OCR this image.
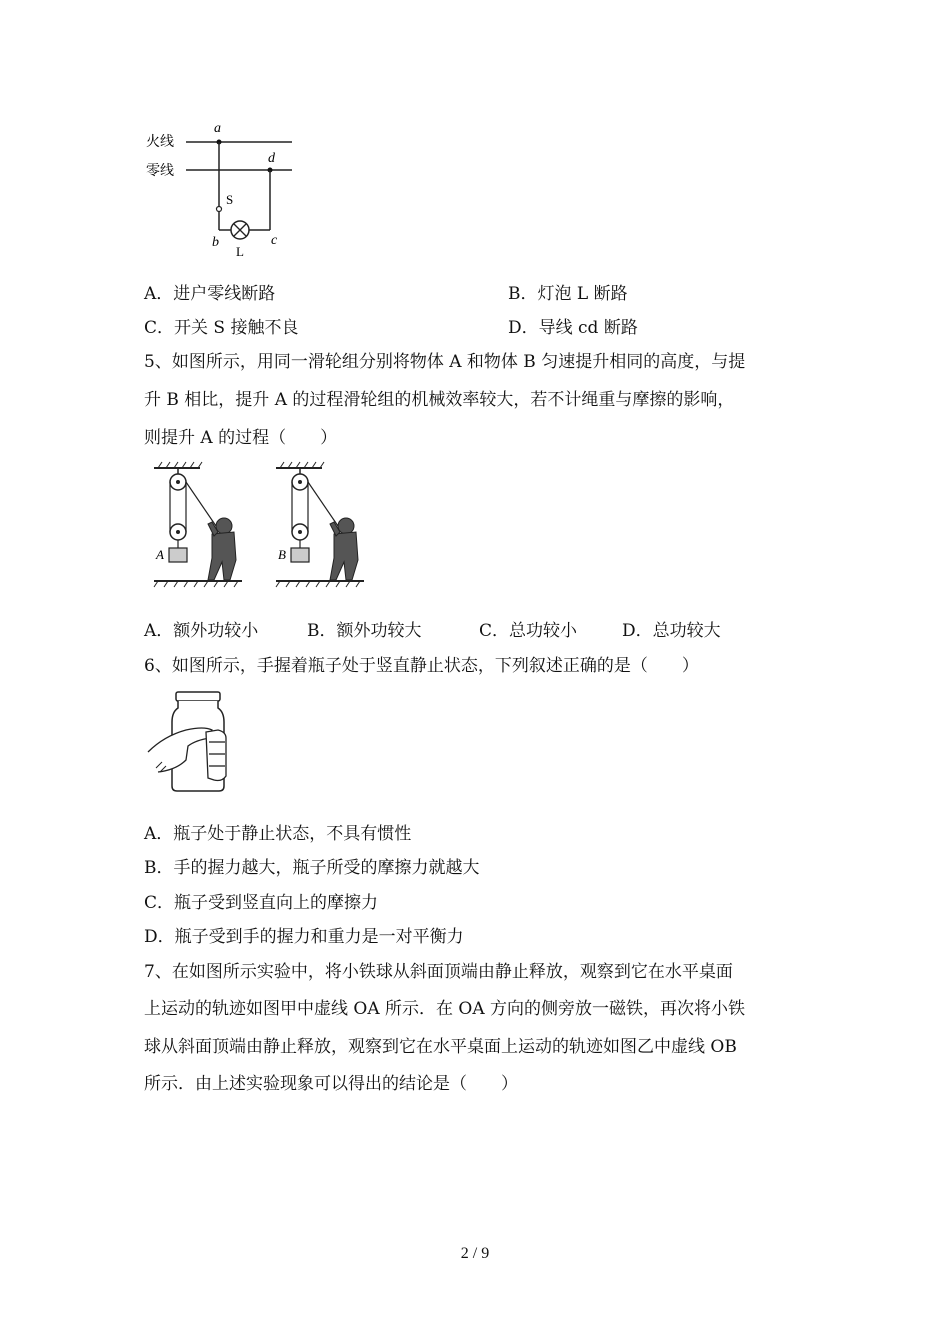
火线
零线
a
d
S
b	c
L
A．进户零线断路	B．灯泡 L 断路
C．开关 S 接触不良	D．导线 cd 断路
5、如图所示，用同一滑轮组分别将物体 A 和物体 B 匀速提升相同的高度，与提
升 B 相比，提升 A 的过程滑轮组的机械效率较大，若不计绳重与摩擦的影响，
则提升 A 的过程（　　）
A	B
A．额外功较小	B．额外功较大	C．总功较小	D．总功较大
6、如图所示，手握着瓶子处于竖直静止状态，下列叙述正确的是（　　）
A．瓶子处于静止状态，不具有惯性
B．手的握力越大，瓶子所受的摩擦力就越大
C．瓶子受到竖直向上的摩擦力
D．瓶子受到手的握力和重力是一对平衡力
7、在如图所示实验中，将小铁球从斜面顶端由静止释放，观察到它在水平桌面
上运动的轨迹如图甲中虚线 OA 所示．在 OA 方向的侧旁放一磁铁，再次将小铁
球从斜面顶端由静止释放，观察到它在水平桌面上运动的轨迹如图乙中虚线 OB
所示．由上述实验现象可以得出的结论是（　　）
2 / 9
